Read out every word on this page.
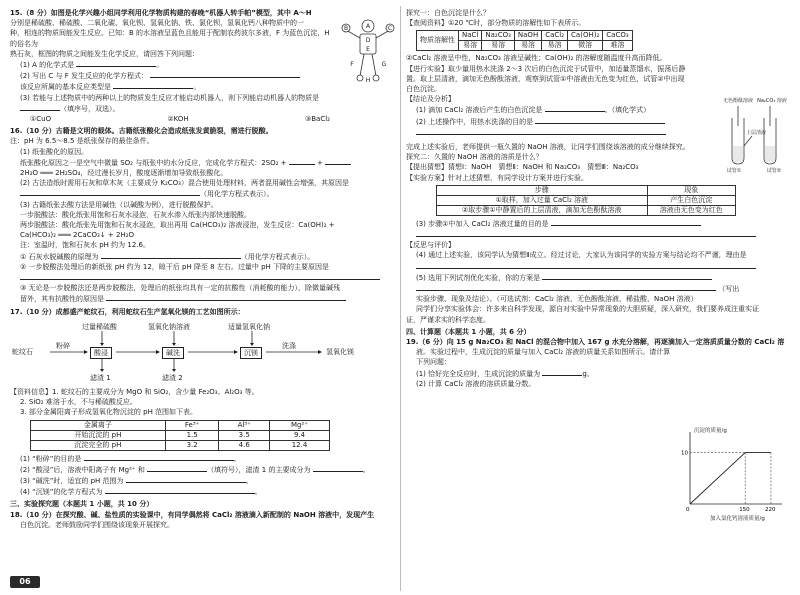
15.（8 分）如图是化学兴趣小组同学利用化学物质构建的春晚“机器人转手帕”模型，其中 A～H

分别是稀硫酸、稀硫酸、二氧化碳、氧化钡、氢氧化钠、铁、氯化钡、氢氧化钙八种物质中的一

种，相连的物质间能发生反应。已知：B 的水溶液呈蓝色且能用于配制农药波尔多液，F 为蓝色沉淀，H 的俗名为

熟石灰，框图的物质之间能发生化学反应，请回答下列问题：

(1) A 的化学式是	。

(2) 写出 C 与 F 发生反应的化学方程式：

该反应所属的基本反应类型是	。

(3) 若能与上述物质中的两种以上的物质发生反应才能启动机器人，则下列能启动机器人的物质是

（填序号，双选）。

①CuO	②KOH	③BaCl₂

16.（10 分）古籍是文明的载体。古籍纸张酸化会造成纸张发黄脆裂，需进行脱酸。

注：pH 为 6.5～8.5 是纸张保存的最佳条件。

(1) 纸张酸化的原因。

纸张酸化原因之一是空气中微量 SO₂ 与纸张中的水分反应，完成化学方程式：2SO₂ +	+

2H₂O ═══ 2H₂SO₄，经过漫长岁月，酸度逐渐增加导致纸张酸化。

(2) 古法造纸时需用石灰和草木灰（主要成分 K₂CO₃）混合使用处理材料，两者混用碱性会增强，其原因是

（用化学方程式表示）。

(3) 古籍纸张去酸方法是用碱性（以碱酸为例），进行脱酸保护。

一步脱酸法：酸化纸张用饱和石灰水浸泡，石灰水渗入纸张内部快速脱酸。

两步脱酸法：酸化纸张先用饱和石灰水浸泡，取出再用 Ca(HCO₃)₂ 溶液浸泡，发生反应：Ca(OH)₂ +

Ca(HCO₃)₂ ═══ 2CaCO₃↓ + 2H₂O

注：室温时，饱和石灰水 pH 约为 12.6。

① 石灰水脱碱酸的原理为	（用化学方程式表示）。

② 一步脱酸法处理后的新纸张 pH 约为 12，晾干后 pH 降至 8 左右。过量中 pH 下降的主要原因是

③ 无论是一步脱酸法还是两步脱酸法，处理后的纸张均具有一定的抗酸性（消耗酸的能力），除微量碱残

留外，其有抗酸性的原因是

17.（10 分）成都盛产蛇纹石，利用蛇纹石生产氢氧化镁的工艺如图所示：

蛇纹石
粉碎
过量稀硫酸	氢氧化钠溶液	适量氢氧化钠
酸浸	碱洗	沉镁
洗涤
氢氧化镁
滤渣 1	滤渣 2

【资料信息】1. 蛇纹石的主要成分为 MgO 和 SiO₂，含少量 Fe₂O₃、Al₂O₃ 等。

2. SiO₂ 难溶于水，不与稀硫酸反应。

3. 部分金属阳离子形成氢氧化物沉淀的 pH 范围如下表。

金属离子	Fe³⁺	Al³⁺	Mg²⁺
开始沉淀的 pH	1.5	3.5	9.4
沉淀完全的 pH	3.2	4.6	12.4

(1) “粉碎”的目的是	。

(2) “酸浸”后，溶液中阳离子有 Mg²⁺ 和	（填符号），滤渣 1 的主要成分为	。

(3) “碱洗”时，适宜的 pH 范围为	。

(4) “沉镁”的化学方程式为	。

三、实验探究题（本题共 1 小题，共 10 分）

18.（10 分）在探究酸、碱、盐性质的实验课中，有同学偶然将 CaCl₂ 溶液滴入新配制的 NaOH 溶液中，发现产生

白色沉淀。老师鼓励同学们围绕该现象开展探究。

A
B	C
D
E
F	G
H

探究一：白色沉淀是什么？

【查阅资料】①20 ℃时，部分物质的溶解性如下表所示。

物质溶解性	NaCl	Na₂CO₃	NaOH	CaCl₂	Ca(OH)₂	CaCO₃
	易溶	易溶	易溶	易溶	微溶	难溶

②CaCl₂ 溶液呈中性，Na₂CO₃ 溶液呈碱性；Ca(OH)₂ 的溶解度随温度升高而降低。

【进行实验】取少量用热水洗涤 2～3 次后的白色沉淀于试管中，加适量蒸馏水，振荡后静

置。取上层清液，滴加无色酚酞溶液，观察到试管①中溶液由无色变为红色，试管②中出现

白色沉淀。

【结论及分析】

(1) 滴加 CaCl₂ 溶液后产生的白色沉淀是	。（填化学式）

(2) 上述操作中，用热水洗涤的目的是

完成上述实验后，老师提供一瓶久置的 NaOH 溶液，让同学们围绕该溶液的成分继续探究。

探究二：久置的 NaOH 溶液的溶质是什么？

【提出猜想】猜想Ⅰ：NaOH　猜想Ⅱ：NaOH 和 Na₂CO₃　猜想Ⅲ：Na₂CO₃

【实验方案】针对上述猜想，有同学设计方案并进行实验。

步骤	现象
①取样，加入过量 CaCl₂ 溶液	产生白色沉淀
②取步骤①中静置后的上层清液，滴加无色酚酞溶液	溶液由无色变为红色

(3) 步骤①中加入 CaCl₂ 溶液过量的目的是

【反思与评价】

(4) 通过上述实验，该同学认为猜想Ⅱ成立。经过讨论，大家认为该同学的实验方案与结论均不严谨，理由是

(5) 选用下列试剂优化实验，你的方案是

（写出

实验步骤、现象及结论）。（可选试剂：CaCl₂ 溶液、无色酚酞溶液、稀盐酸、NaOH 溶液）

同学们分享实验体会：许多来自科学发现，源自对实验中异常现象的大胆质疑，深入研究，我们要养成注重实证

证，严谨求实的科学态度。

四、计算题（本题共 1 小题，共 6 分）

19.（6 分）向 15 g Na₂CO₃ 和 NaCl 的混合物中加入 167 g 水充分溶解，再逐滴加入一定溶质质量分数的 CaCl₂ 溶

液。实验过程中，生成沉淀的质量与加入 CaCl₂ 溶液的质量关系如图所示。请计算下列问题：

(1) 恰好完全反应时，生成沉淀的质量为	g。

(2) 计算 CaCl₂ 溶液的溶质质量分数。

无色酚酞溶液 Na₂CO₃ 溶液
上层清液
试管①	试管②
沉淀的质量/g
加入氯化钙溶液质量/g
0	150	220
10
06
